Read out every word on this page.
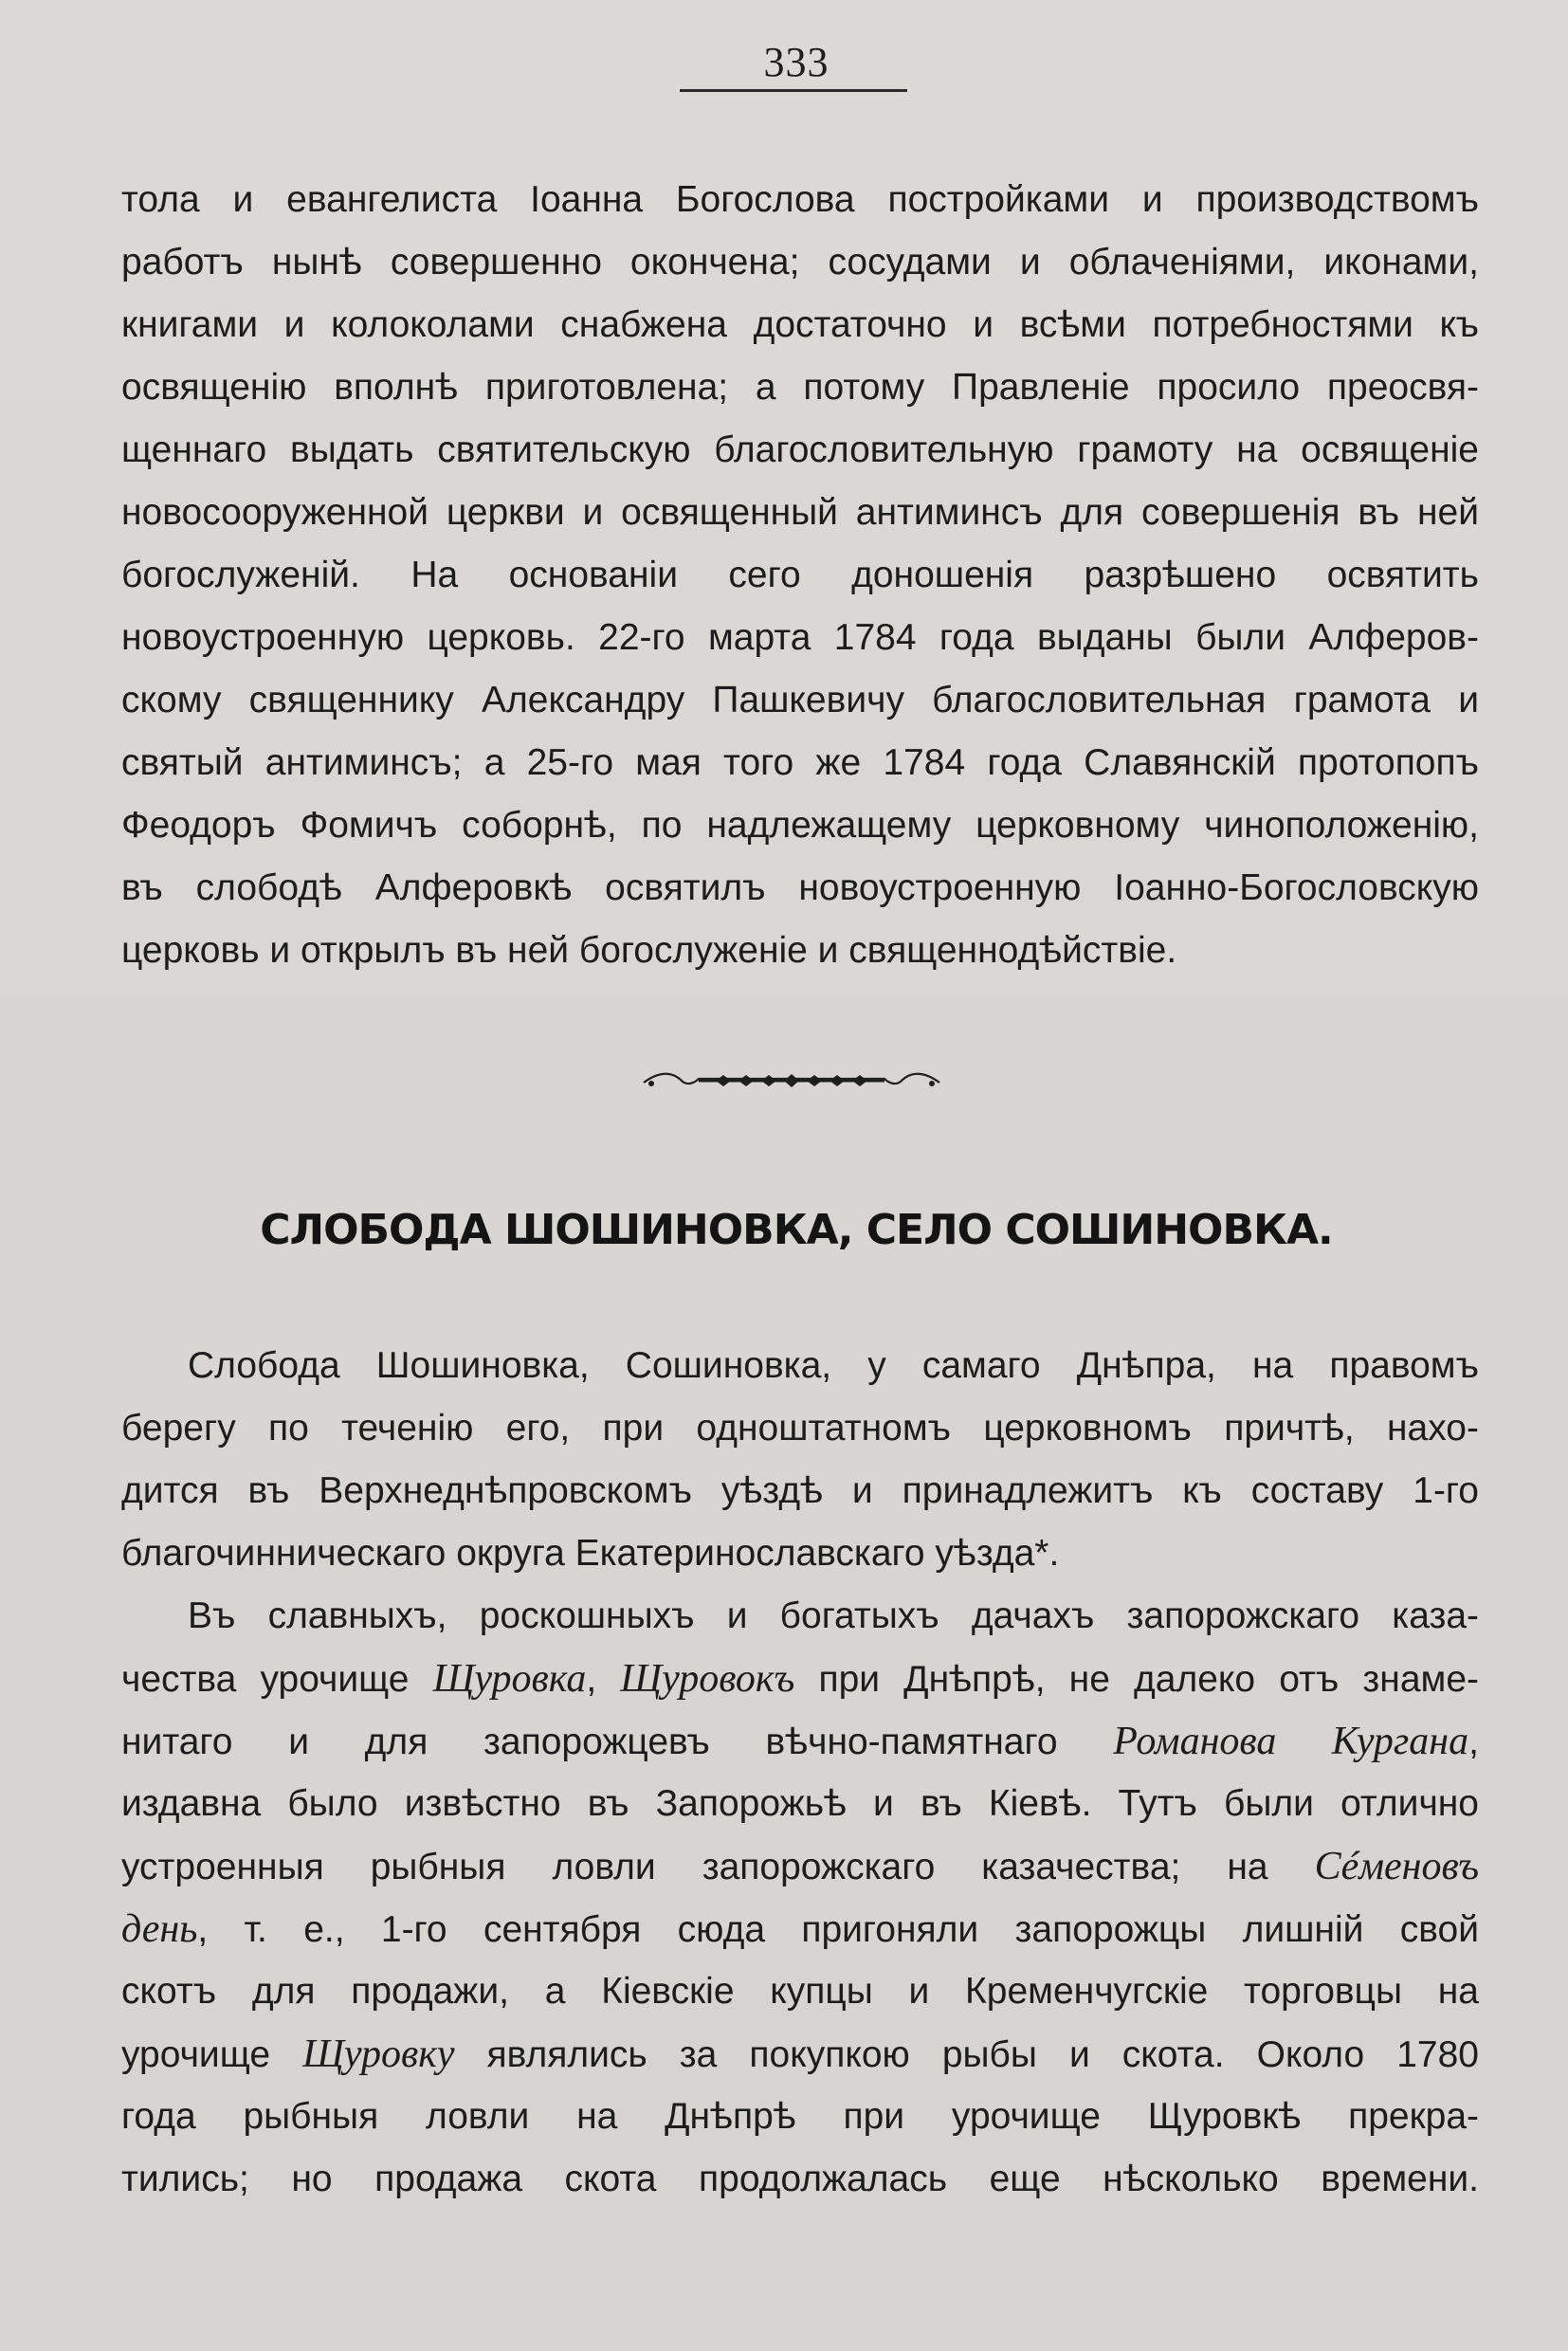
333
тола и евангелиста Іоанна Богослова постройками и производствомъ
работъ нынѣ совершенно окончена; сосудами и облаченіями, иконами,
книгами и колоколами снабжена достаточно и всѣми потребностями къ
освященію вполнѣ приготовлена; а потому Правленіе просило преосвя-
щеннаго выдать святительскую благословительную грамоту на освященіе
новосооруженной церкви и освященный антиминсъ для совершенія въ ней
богослуженій. На основаніи сего доношенія разрѣшено освятить
новоустроенную церковь. 22-го марта 1784 года выданы были Алферов-
скому священнику Александру Пашкевичу благословительная грамота и
святый антиминсъ; а 25-го мая того же 1784 года Славянскій протопопъ
Феодоръ Фомичъ соборнѣ, по надлежащему церковному чиноположенію,
въ слободѣ Алферовкѣ освятилъ новоустроенную Іоанно-Богословскую
церковь и открылъ въ ней богослуженіе и священнодѣйствіе.
СЛОБОДА ШОШИНОВКА, СЕЛО СОШИНОВКА.
Слобода Шошиновка, Сошиновка, у самаго Днѣпра, на правомъ
берегу по теченію его, при одноштатномъ церковномъ причтѣ, нахо-
дится въ Верхнеднѣпровскомъ уѣздѣ и принадлежитъ къ составу 1-го
благочинническаго округа Екатеринославскаго уѣзда*.
Въ славныхъ, роскошныхъ и богатыхъ дачахъ запорожскаго каза-
чества урочище Щуровка, Щуровокъ при Днѣпрѣ, не далеко отъ знаме-
нитаго и для запорожцевъ вѣчно-памятнаго Романова Кургана,
издавна было извѣстно въ Запорожьѣ и въ Кіевѣ. Тутъ были отлично
устроенныя рыбныя ловли запорожскаго казачества; на Сéменовъ
день, т. е., 1-го сентября сюда пригоняли запорожцы лишній свой
скотъ для продажи, а Кіевскіе купцы и Кременчугскіе торговцы на
урочище Щуровку являлись за покупкою рыбы и скота. Около 1780
года рыбныя ловли на Днѣпрѣ при урочище Щуровкѣ прекра-
тились; но продажа скота продолжалась еще нѣсколько времени.
